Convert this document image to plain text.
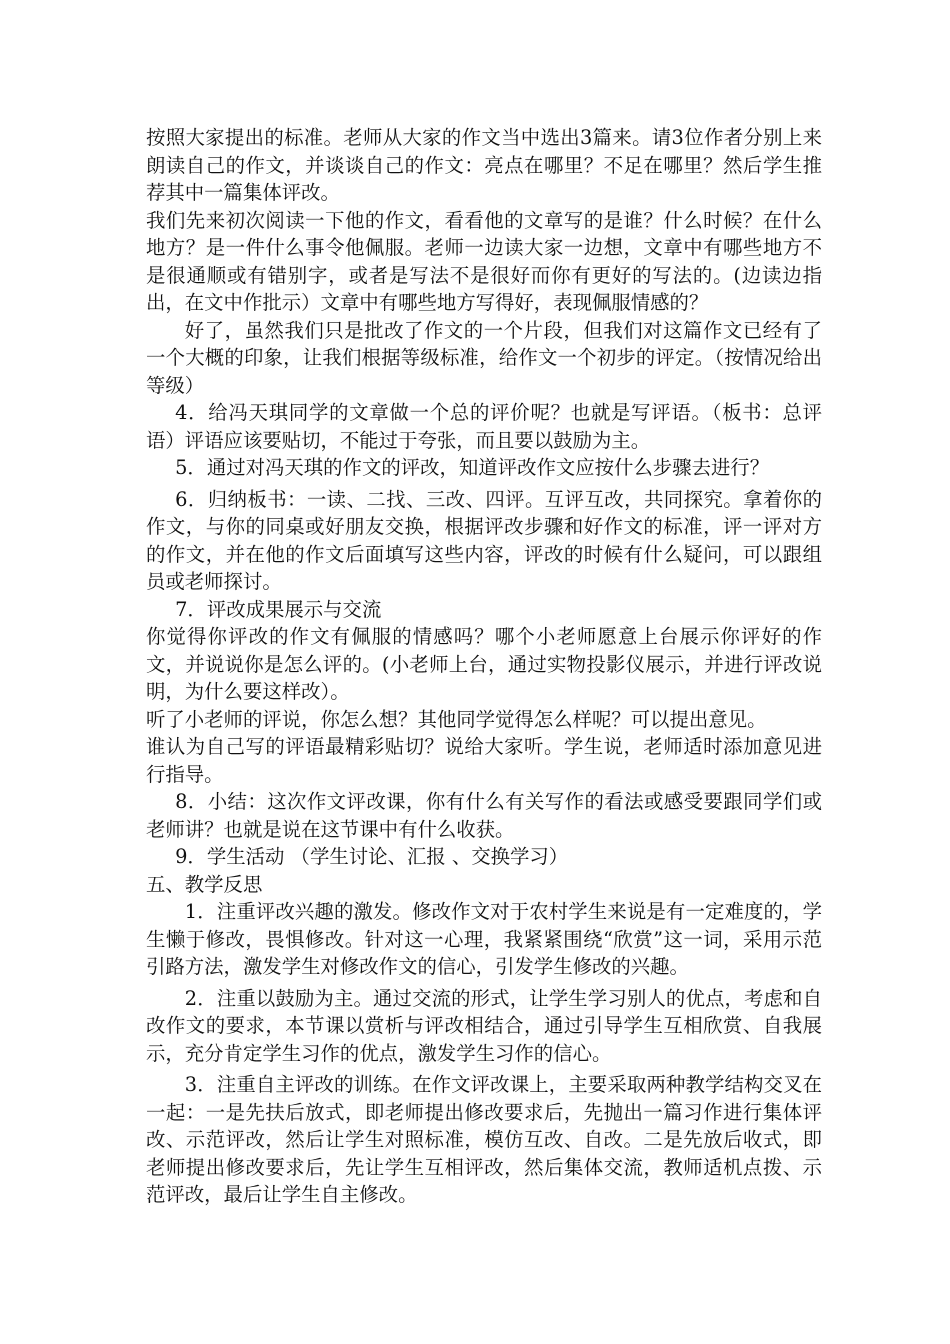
按照大家提出的标准。老师从大家的作文当中选出3篇来。请3位作者分别上来朗读自己的作文，并谈谈自己的作文：亮点在哪里？不足在哪里？然后学生推荐其中一篇集体评改。

我们先来初次阅读一下他的作文，看看他的文章写的是谁？什么时候？在什么地方？是一件什么事令他佩服。老师一边读大家一边想，文章中有哪些地方不是很通顺或有错别字，或者是写法不是很好而你有更好的写法的。(边读边指出，在文中作批示）文章中有哪些地方写得好，表现佩服情感的？

好了，虽然我们只是批改了作文的一个片段，但我们对这篇作文已经有了一个大概的印象，让我们根据等级标准，给作文一个初步的评定。（按情况给出等级）

4．给冯天琪同学的文章做一个总的评价呢？也就是写评语。（板书：总评语）评语应该要贴切，不能过于夸张，而且要以鼓励为主。

5．通过对冯天琪的作文的评改，知道评改作文应按什么步骤去进行？

6．归纳板书：一读、二找、三改、四评。互评互改，共同探究。拿着你的作文，与你的同桌或好朋友交换，根据评改步骤和好作文的标准，评一评对方的作文，并在他的作文后面填写这些内容，评改的时候有什么疑问，可以跟组员或老师探讨。

7．评改成果展示与交流

你觉得你评改的作文有佩服的情感吗？哪个小老师愿意上台展示你评好的作文，并说说你是怎么评的。(小老师上台，通过实物投影仪展示，并进行评改说明，为什么要这样改）。

听了小老师的评说，你怎么想？其他同学觉得怎么样呢？可以提出意见。

谁认为自己写的评语最精彩贴切？说给大家听。学生说，老师适时添加意见进行指导。

8．小结：这次作文评改课，你有什么有关写作的看法或感受要跟同学们或老师讲？也就是说在这节课中有什么收获。

9．学生活动 （学生讨论、汇报 、交换学习）

五、教学反思

1．注重评改兴趣的激发。修改作文对于农村学生来说是有一定难度的，学生懒于修改，畏惧修改。针对这一心理，我紧紧围绕“欣赏”这一词，采用示范引路方法，激发学生对修改作文的信心，引发学生修改的兴趣。

2．注重以鼓励为主。通过交流的形式，让学生学习别人的优点，考虑和自改作文的要求，本节课以赏析与评改相结合，通过引导学生互相欣赏、自我展示，充分肯定学生习作的优点，激发学生习作的信心。

3．注重自主评改的训练。在作文评改课上，主要采取两种教学结构交叉在一起：一是先扶后放式，即老师提出修改要求后，先抛出一篇习作进行集体评改、示范评改，然后让学生对照标准，模仿互改、自改。二是先放后收式，即老师提出修改要求后，先让学生互相评改，然后集体交流，教师适机点拨、示范评改，最后让学生自主修改。
